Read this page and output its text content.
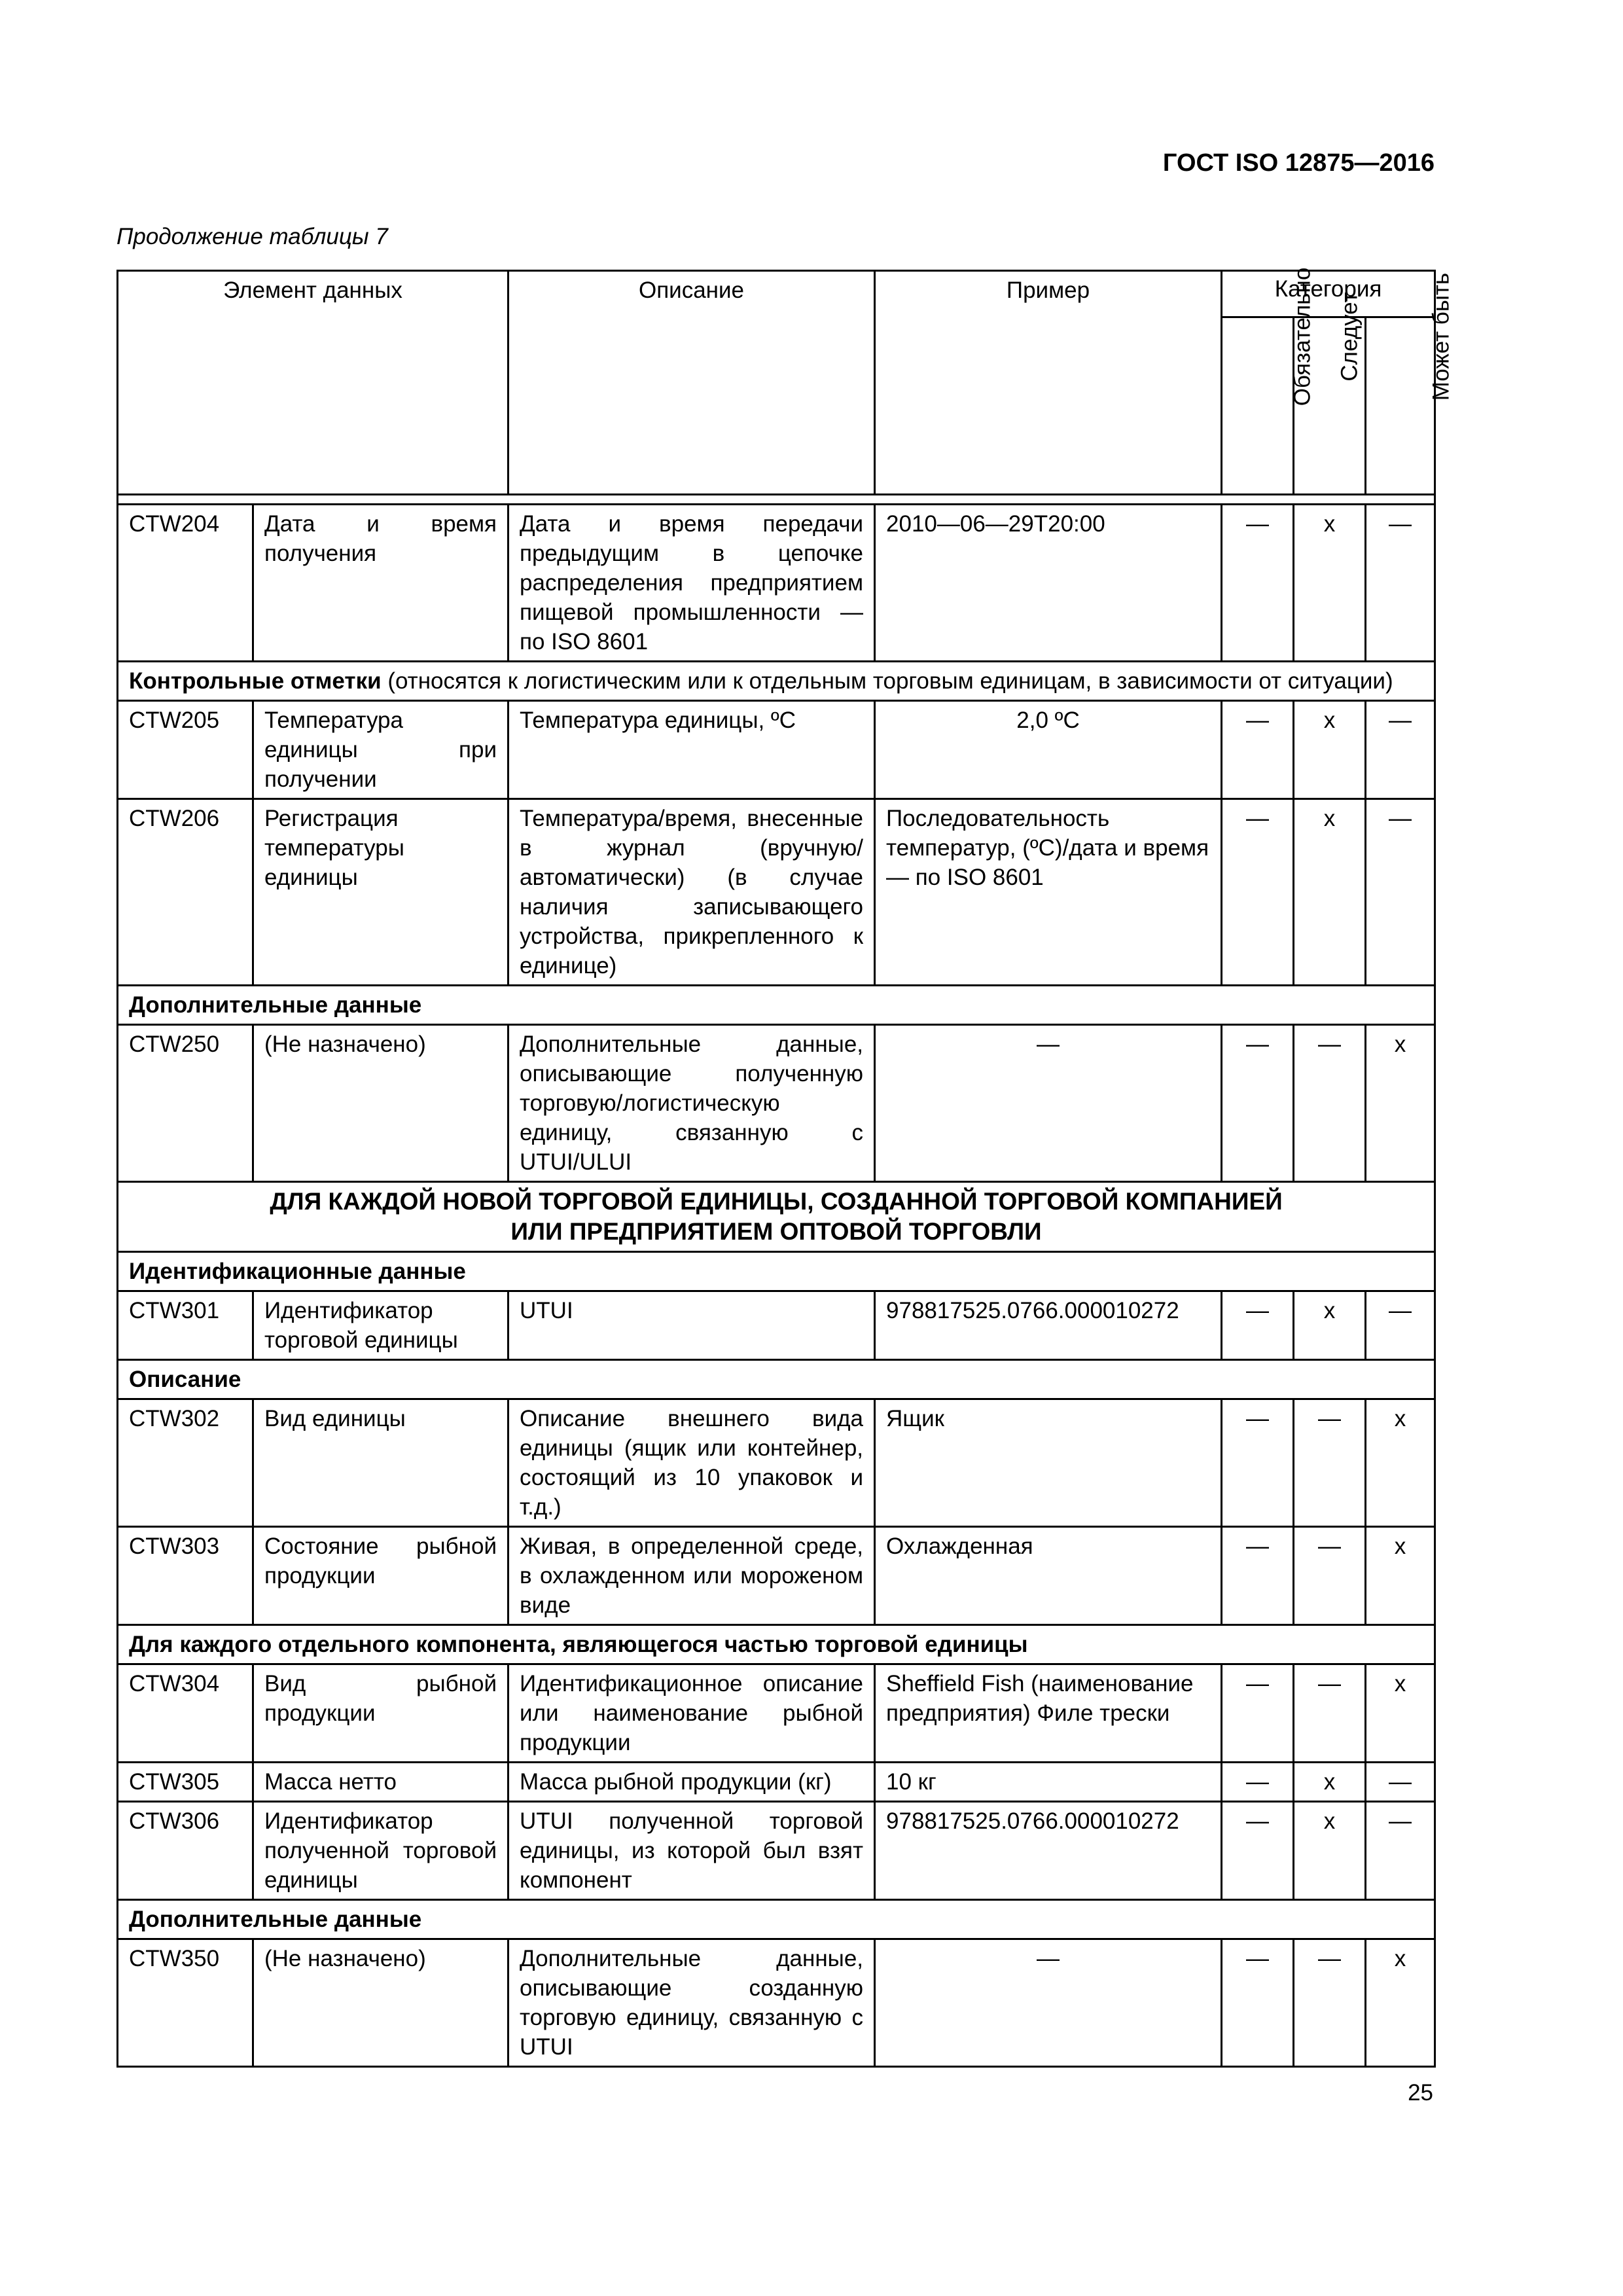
ГОСТ ISO 12875—2016
Продолжение таблицы 7
Элемент данных		Описание	Пример	Категория		
				Обязательно	Следует	Может быть

CTW204	Дата и время получения	Дата и время передачи предыдущим в цепочке распределения предприятием пищевой промышленности — по ISO 8601	2010—06—29T20:00	—	х	—
Контрольные отметки (относятся к логистическим или к отдельным торговым единицам, в зависимости от ситуации)						
CTW205	Температура единицы при получении	Температура единицы, ºС	2,0 ºС	—	х	—
CTW206	Регистрация температуры единицы	Температура/время, внесенные в журнал (вручную/автоматически) (в случае наличия записывающего устройства, прикрепленного к единице)	Последовательность температур, (ºС)/дата и время — по ISO 8601	—	х	—
Дополнительные данные						
CTW250	(Не назначено)	Дополнительные данные, описывающие полученную торговую/логистическую единицу, связанную с UTUI/ULUI	—	—	—	х

ДЛЯ КАЖДОЙ НОВОЙ ТОРГОВОЙ ЕДИНИЦЫ, СОЗДАННОЙ ТОРГОВОЙ КОМПАНИЕЙ
ИЛИ ПРЕДПРИЯТИЕМ ОПТОВОЙ ТОРГОВЛИ						

Идентификационные данные						
CTW301	Идентификатор торговой единицы	UTUI	978817525.0766.000010272	—	х	—
Описание						
CTW302	Вид единицы	Описание внешнего вида единицы (ящик или контейнер, состоящий из 10 упаковок и т.д.)	Ящик	—	—	х
CTW303	Состояние рыбной продукции	Живая, в определенной среде, в охлажденном или мороженом виде	Охлажденная	—	—	х
Для каждого отдельного компонента, являющегося частью торговой единицы						
CTW304	Вид рыбной продукции	Идентификационное описание или наименование рыбной продукции	Sheffield Fish (наименование предприятия) Филе трески	—	—	х
CTW305	Масса нетто	Масса рыбной продукции (кг)	10 кг	—	х	—
CTW306	Идентификатор полученной торговой единицы	UTUI полученной торговой единицы, из которой был взят компонент	978817525.0766.000010272	—	х	—
Дополнительные данные						
CTW350	(Не назначено)	Дополнительные данные, описывающие созданную торговую единицу, связанную с UTUI	—	—	—	х
25
